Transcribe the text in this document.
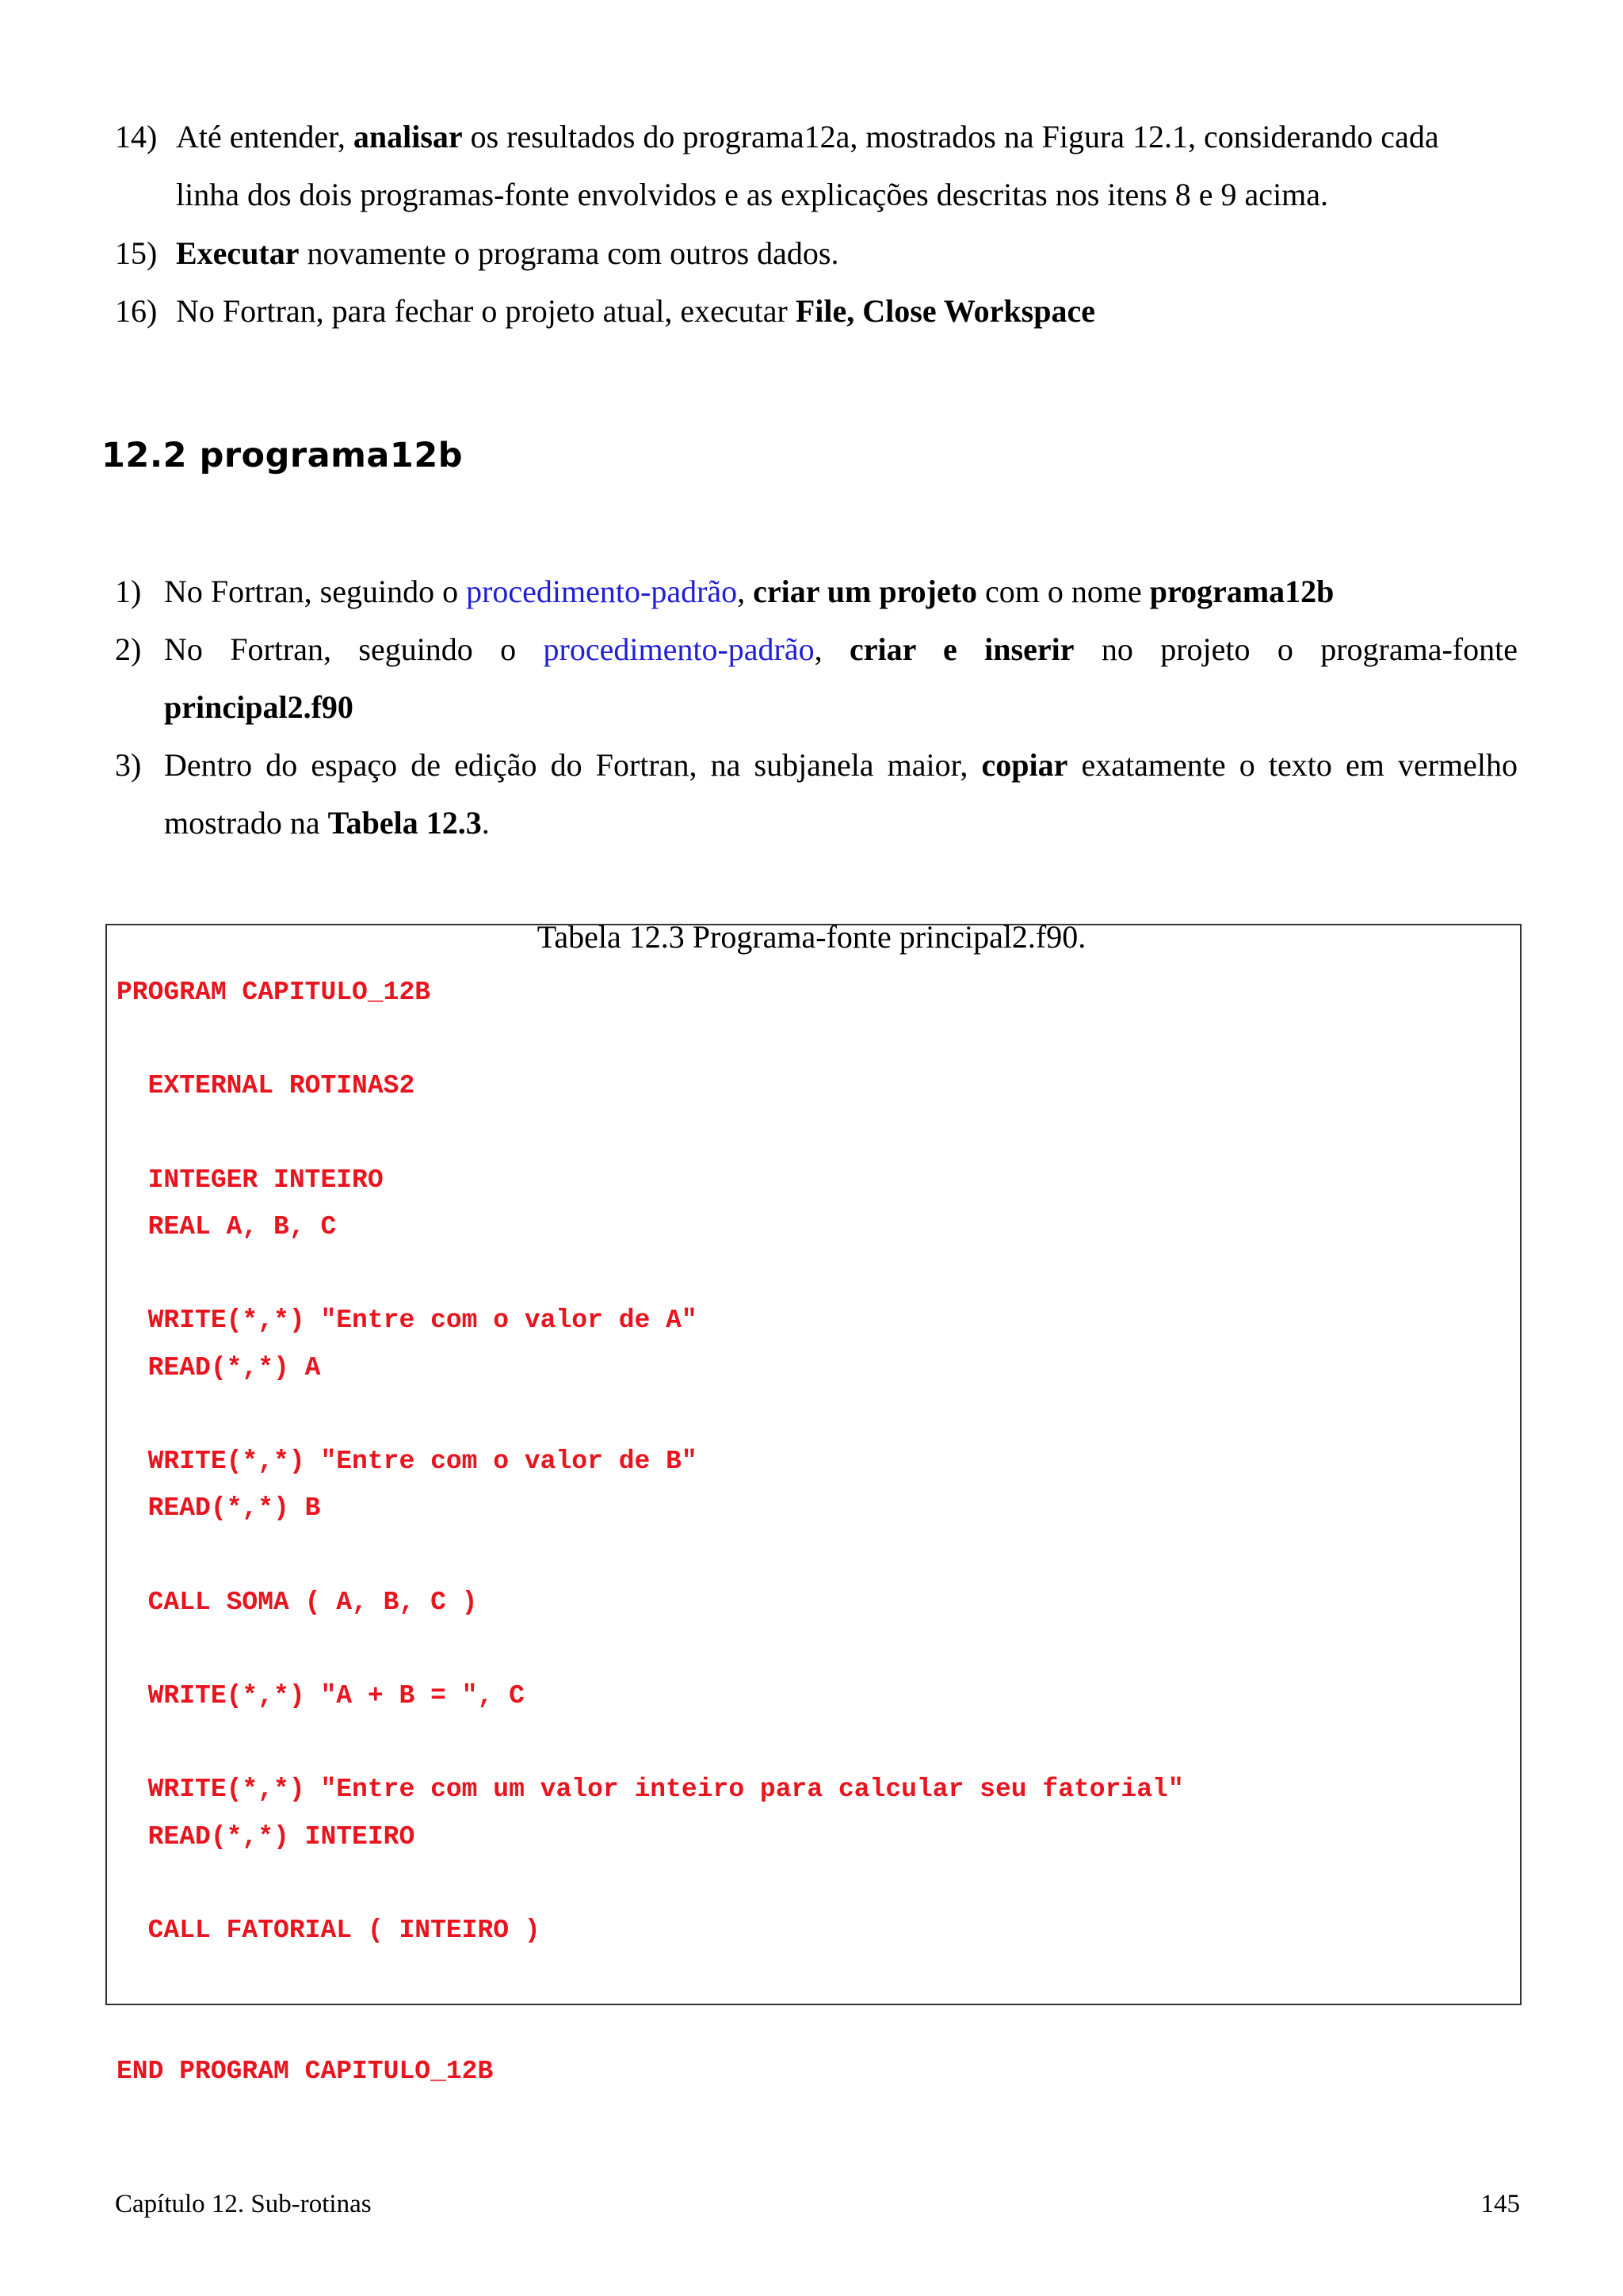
14) Até entender, analisar os resultados do programa12a, mostrados na Figura 12.1, considerando cada
linha dos dois programas-fonte envolvidos e as explicações descritas nos itens 8 e 9 acima.
15) Executar novamente o programa com outros dados.
16) No Fortran, para fechar o projeto atual, executar File, Close Workspace
12.2 programa12b
1) No Fortran, seguindo o procedimento-padrão, criar um projeto com o nome programa12b
2) No Fortran, seguindo o procedimento-padrão, criar e inserir no projeto o programa-fonte
principal2.f90
3) Dentro do espaço de edição do Fortran, na subjanela maior, copiar exatamente o texto em vermelho
mostrado na Tabela 12.3.
Tabela 12.3 Programa-fonte principal2.f90.
PROGRAM CAPITULO_12B
EXTERNAL ROTINAS2
INTEGER INTEIRO
REAL A, B, C
WRITE(*,*) "Entre com o valor de A"
READ(*,*) A
WRITE(*,*) "Entre com o valor de B"
READ(*,*) B
CALL SOMA ( A, B, C )
WRITE(*,*) "A + B = ", C
WRITE(*,*) "Entre com um valor inteiro para calcular seu fatorial"
READ(*,*) INTEIRO
CALL FATORIAL ( INTEIRO )
END PROGRAM CAPITULO_12B
Capítulo 12. Sub-rotinas	145
